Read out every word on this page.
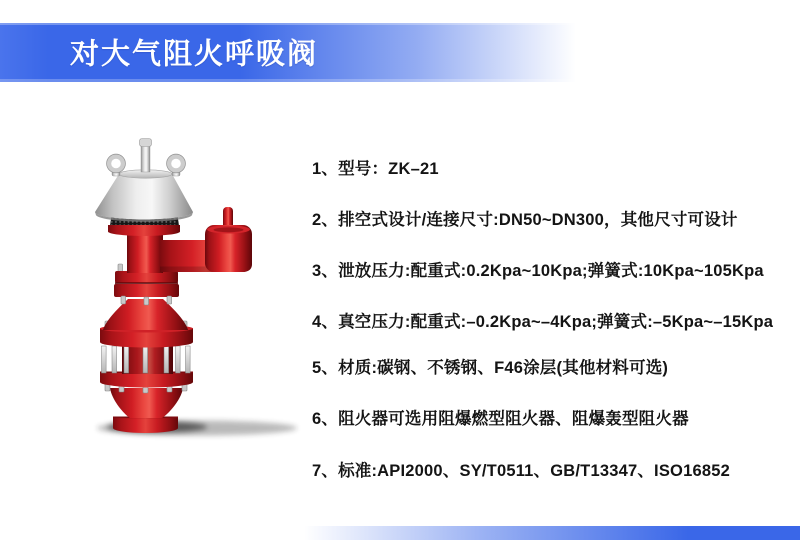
对大气阻火呼吸阀
1、型号：ZK–21
2、排空式设计/连接尺寸:DN50~DN300，其他尺寸可设计
3、泄放压力:配重式:0.2Kpa~10Kpa;弹簧式:10Kpa~105Kpa
4、真空压力:配重式:–0.2Kpa~–4Kpa;弹簧式:–5Kpa~–15Kpa
5、材质:碳钢、不锈钢、F46涂层(其他材料可选)
6、阻火器可选用阻爆燃型阻火器、阻爆轰型阻火器
7、标准:API2000、SY/T0511、GB/T13347、ISO16852
